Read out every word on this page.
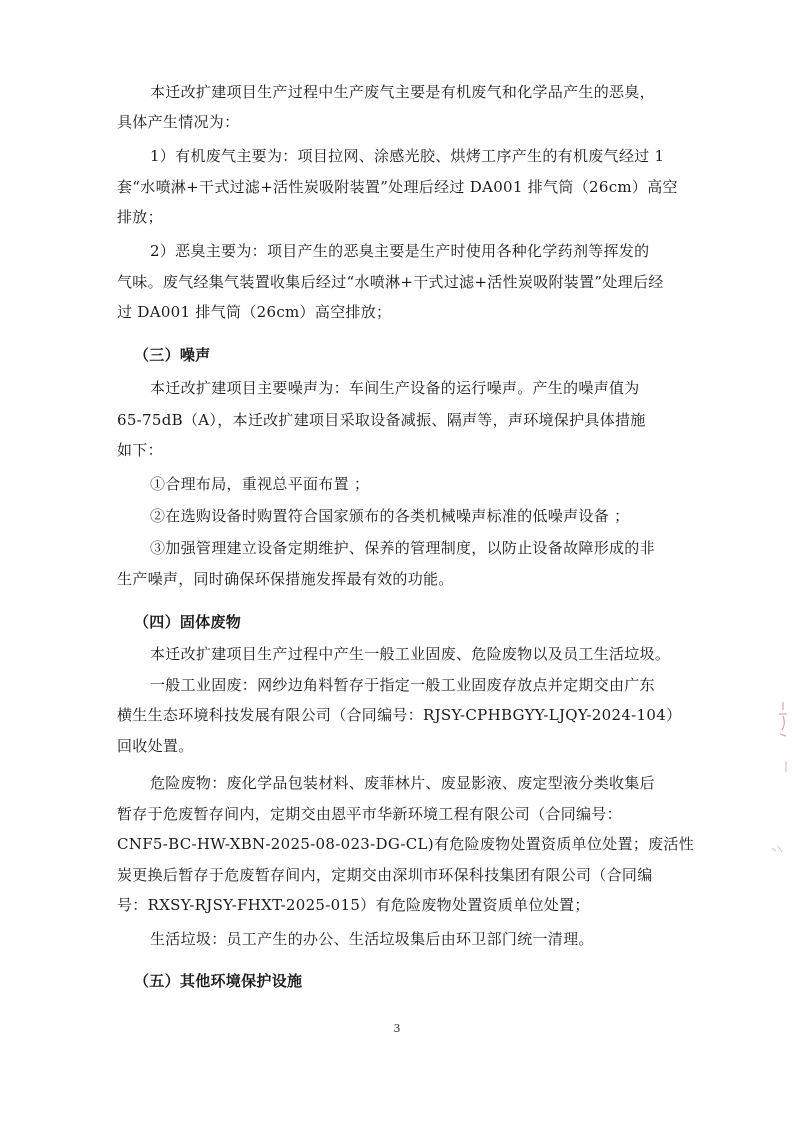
本迁改扩建项目生产过程中生产废气主要是有机废气和化学品产生的恶臭，
具体产生情况为：
1）有机废气主要为：项目拉网、涂感光胶、烘烤工序产生的有机废气经过 1
套“水喷淋+干式过滤+活性炭吸附装置”处理后经过 DA001 排气筒（26cm）高空
排放；
2）恶臭主要为：项目产生的恶臭主要是生产时使用各种化学药剂等挥发的
气味。废气经集气装置收集后经过“水喷淋+干式过滤+活性炭吸附装置”处理后经
过 DA001 排气筒（26cm）高空排放；
（三）噪声
本迁改扩建项目主要噪声为：车间生产设备的运行噪声。产生的噪声值为
65-75dB（A），本迁改扩建项目采取设备减振、隔声等，声环境保护具体措施
如下：
①合理布局，重视总平面布置 ；
②在选购设备时购置符合国家颁布的各类机械噪声标准的低噪声设备 ；
③加强管理建立设备定期维护、保养的管理制度，以防止设备故障形成的非
生产噪声，同时确保环保措施发挥最有效的功能。
（四）固体废物
本迁改扩建项目生产过程中产生一般工业固废、危险废物以及员工生活垃圾。
一般工业固废：网纱边角料暂存于指定一般工业固废存放点并定期交由广东
横生生态环境科技发展有限公司（合同编号：RJSY-CPHBGYY-LJQY-2024-104）
回收处置。
危险废物：废化学品包装材料、废菲林片、废显影液、废定型液分类收集后
暂存于危废暂存间内，定期交由恩平市华新环境工程有限公司（合同编号：
CNF5-BC-HW-XBN-2025-08-023-DG-CL)有危险废物处置资质单位处置；废活性
炭更换后暂存于危废暂存间内，定期交由深圳市环保科技集团有限公司（合同编
号：RXSY-RJSY-FHXT-2025-015）有危险废物处置资质单位处置；
生活垃圾：员工产生的办公、生活垃圾集后由环卫部门统一清理。
（五）其他环境保护设施
3
